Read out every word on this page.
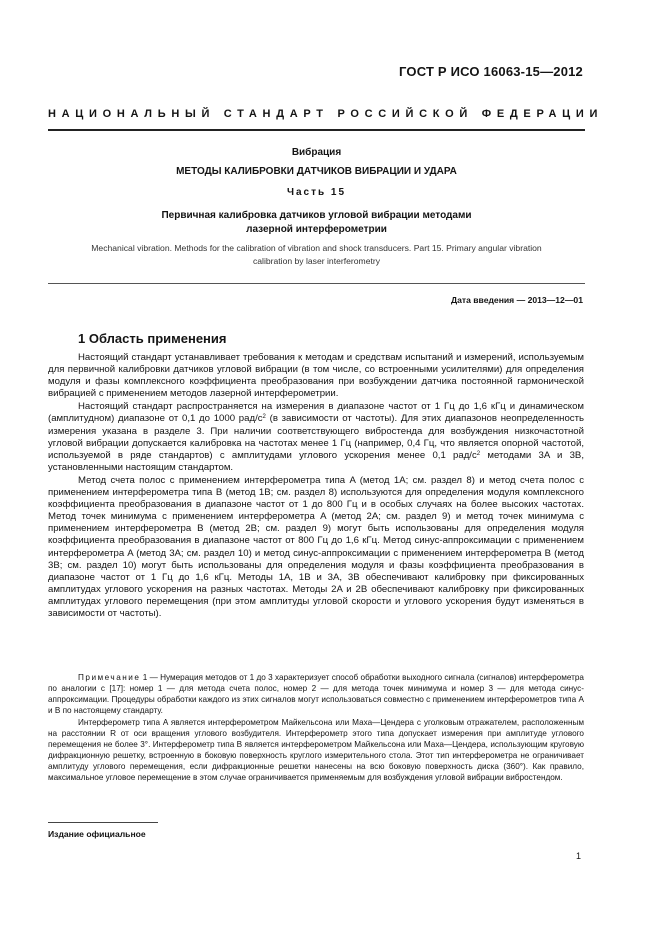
ГОСТ Р ИСО 16063-15—2012
НАЦИОНАЛЬНЫЙ СТАНДАРТ РОССИЙСКОЙ ФЕДЕРАЦИИ
Вибрация
МЕТОДЫ КАЛИБРОВКИ ДАТЧИКОВ ВИБРАЦИИ И УДАРА
Часть 15
Первичная калибровка датчиков угловой вибрации методами
лазерной интерферометрии
Mechanical vibration. Methods for the calibration of vibration and shock transducers. Part 15. Primary angular vibration
calibration by laser interferometry
Дата введения — 2013—12—01
1 Область применения

Настоящий стандарт устанавливает требования к методам и средствам испытаний и измерений, используемым для первичной калибровки датчиков угловой вибрации (в том числе, со встроенными усилителями) для определения модуля и фазы комплексного коэффициента преобразования при возбуждении датчика постоянной гармонической вибрацией с применением методов лазерной интерферометрии.

Настоящий стандарт распространяется на измерения в диапазоне частот от 1 Гц до 1,6 кГц и динамическом (амплитудном) диапазоне от 0,1 до 1000 рад/$c^2$ (в зависимости от частоты). Для этих диапазонов неопределенность измерения указана в разделе 3. При наличии соответствующего вибростенда для возбуждения низкочастотной угловой вибрации допускается калибровка на частотах менее 1 Гц (например, 0,4 Гц, что является опорной частотой, используемой в ряде стандартов) с амплитудами углового ускорения менее 0,1 рад/$c^2$ методами 3A и 3B, установленными настоящим стандартом.

Метод счета полос с применением интерферометра типа A (метод 1A; см. раздел 8) и метод счета полос с применением интерферометра типа B (метод 1B; см. раздел 8) используются для определения модуля комплексного коэффициента преобразования в диапазоне частот от 1 до 800 Гц и в особых случаях на более высоких частотах. Метод точек минимума с применением интерферометра A (метод 2A; см. раздел 9) и метод точек минимума с применением интерферометра B (метод 2B; см. раздел 9) могут быть использованы для определения модуля коэффициента преобразования в диапазоне частот от 800 Гц до 1,6 кГц. Метод синус-аппроксимации с применением интерферометра A (метод 3A; см. раздел 10) и метод синус-аппроксимации с применением интерферометра B (метод 3B; см. раздел 10) могут быть использованы для определения модуля и фазы коэффициента преобразования в диапазоне частот от 1 Гц до 1,6 кГц. Методы 1A, 1B и 3A, 3B обеспечивают калибровку при фиксированных амплитудах углового ускорения на разных частотах. Методы 2A и 2B обеспечивают калибровку при фиксированных амплитудах углового перемещения (при этом амплитуды угловой скорости и углового ускорения будут изменяться в зависимости от частоты).

Примечание 1 — Нумерация методов от 1 до 3 характеризует способ обработки выходного сигнала (сигналов) интерферометра по аналогии с [17]: номер 1 — для метода счета полос, номер 2 — для метода точек минимума и номер 3 — для метода синус-аппроксимации. Процедуры обработки каждого из этих сигналов могут использоваться совместно с применением интерферометров типа A и B по настоящему стандарту.

Интерферометр типа A является интерферометром Майкельсона или Маха—Цендера с уголковым отражателем, расположенным на расстоянии R от оси вращения углового возбудителя. Интерферометр этого типа допускает измерения при амплитуде углового перемещения не более 3°. Интерферометр типа B является интерферометром Майкельсона или Маха—Цендера, использующим круговую дифракционную решетку, встроенную в боковую поверхность круглого измерительного стола. Этот тип интерферометра не ограничивает амплитуду углового перемещения, если дифракционные решетки нанесены на всю боковую поверхность диска (360°). Как правило, максимальное угловое перемещение в этом случае ограничивается применяемым для возбуждения угловой вибрации вибростендом.

Издание официальное
1
